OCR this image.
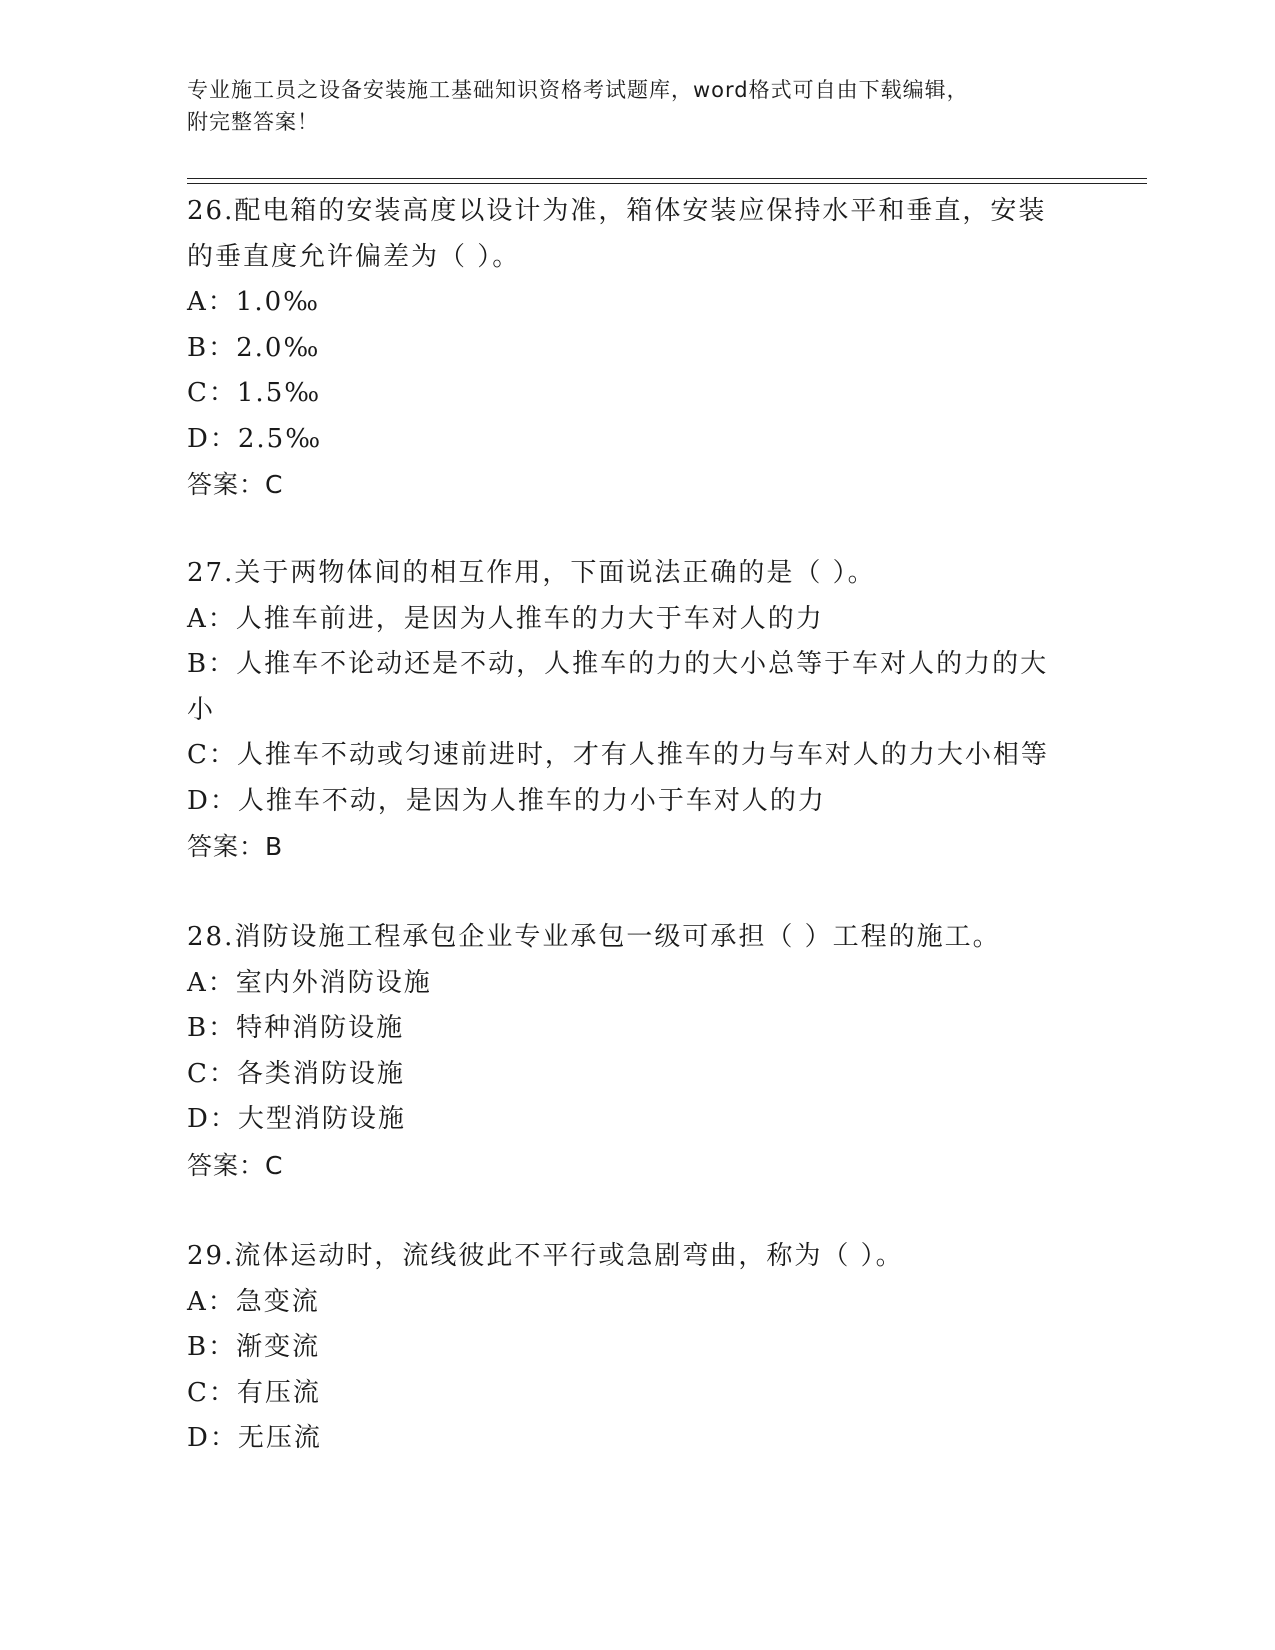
专业施工员之设备安装施工基础知识资格考试题库，word格式可自由下载编辑，
附完整答案！
26.配电箱的安装高度以设计为准，箱体安装应保持水平和垂直，安装的垂直度允许偏差为（ ）。
A：1.0‰
B：2.0‰
C：1.5‰
D：2.5‰
答案：C
27.关于两物体间的相互作用，下面说法正确的是（ ）。
A：人推车前进，是因为人推车的力大于车对人的力
B：人推车不论动还是不动，人推车的力的大小总等于车对人的力的大小
C：人推车不动或匀速前进时，才有人推车的力与车对人的力大小相等
D：人推车不动，是因为人推车的力小于车对人的力
答案：B
28.消防设施工程承包企业专业承包一级可承担（ ）工程的施工。
A：室内外消防设施
B：特种消防设施
C：各类消防设施
D：大型消防设施
答案：C
29.流体运动时，流线彼此不平行或急剧弯曲，称为（ ）。
A：急变流
B：渐变流
C：有压流
D：无压流
